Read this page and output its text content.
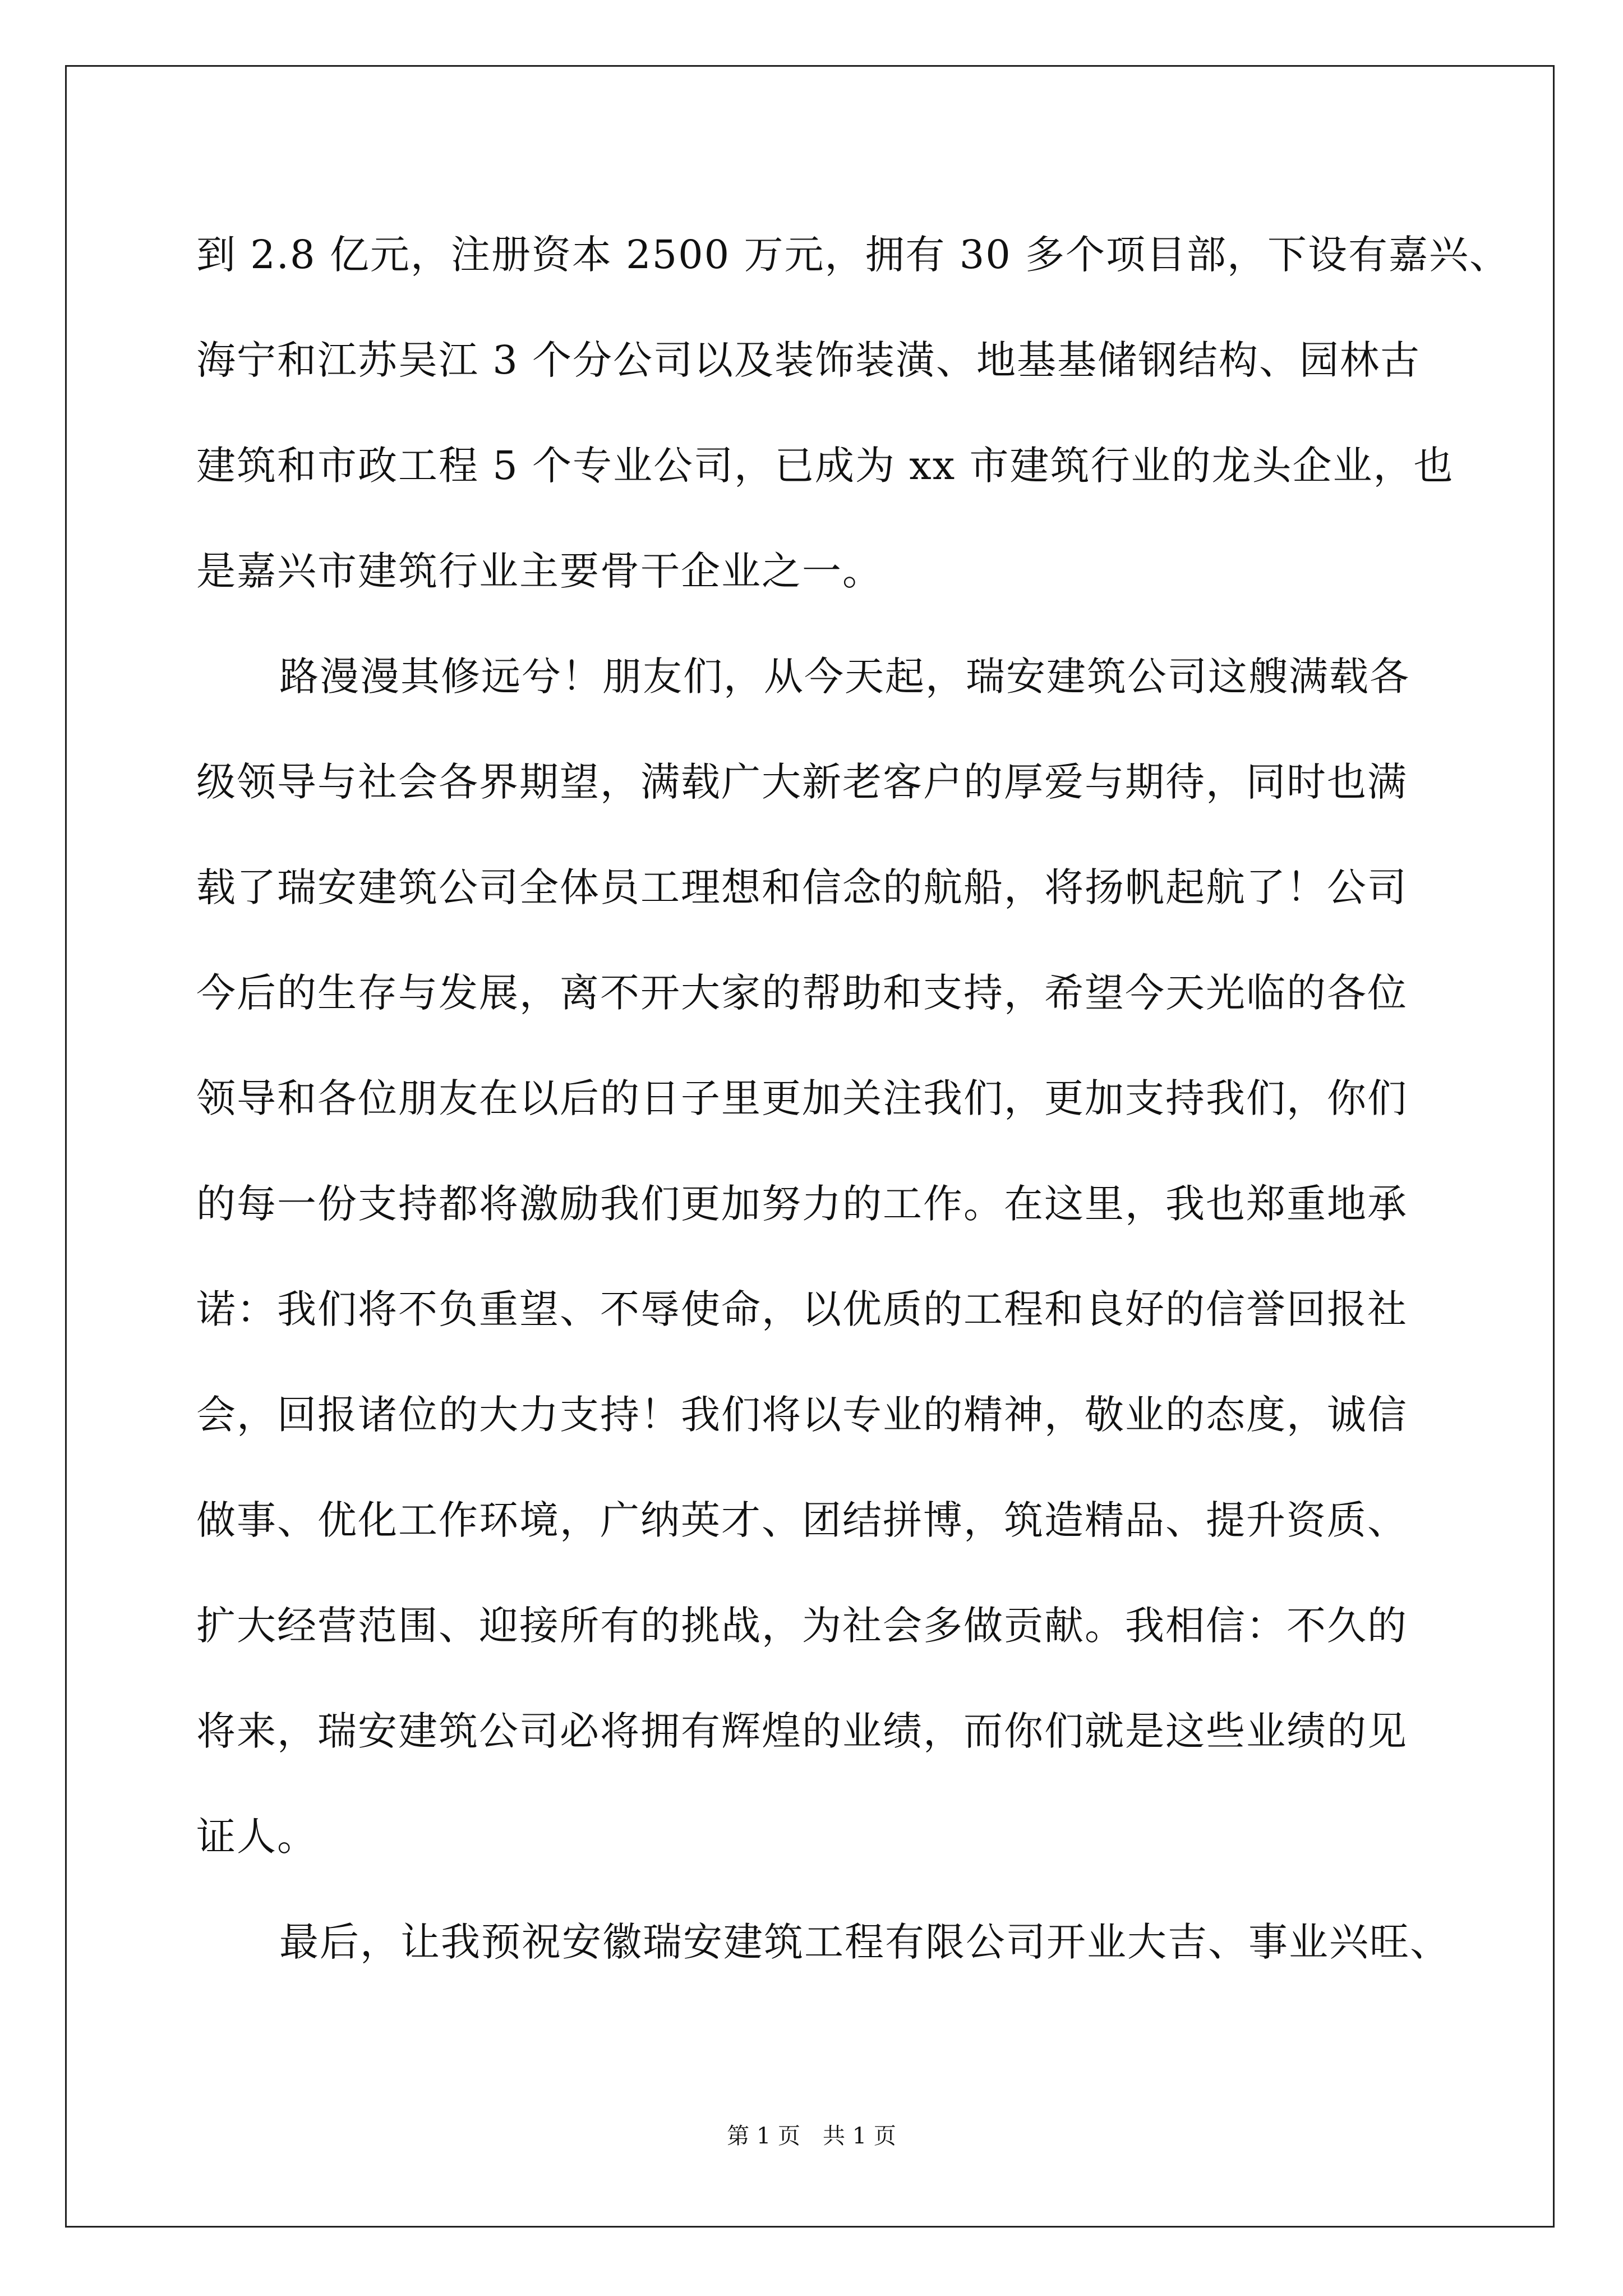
到 2.8 亿元，注册资本 2500 万元，拥有 30 多个项目部，下设有嘉兴、
海宁和江苏吴江 3 个分公司以及装饰装潢、地基基储钢结构、园林古
建筑和市政工程 5 个专业公司，已成为 xx 市建筑行业的龙头企业，也
是嘉兴市建筑行业主要骨干企业之一。
路漫漫其修远兮！朋友们，从今天起，瑞安建筑公司这艘满载各
级领导与社会各界期望，满载广大新老客户的厚爱与期待，同时也满
载了瑞安建筑公司全体员工理想和信念的航船，将扬帆起航了！公司
今后的生存与发展，离不开大家的帮助和支持，希望今天光临的各位
领导和各位朋友在以后的日子里更加关注我们，更加支持我们，你们
的每一份支持都将激励我们更加努力的工作。在这里，我也郑重地承
诺：我们将不负重望、不辱使命，以优质的工程和良好的信誉回报社
会，回报诸位的大力支持！我们将以专业的精神，敬业的态度，诚信
做事、优化工作环境，广纳英才、团结拼博，筑造精品、提升资质、
扩大经营范围、迎接所有的挑战，为社会多做贡献。我相信：不久的
将来，瑞安建筑公司必将拥有辉煌的业绩，而你们就是这些业绩的见
证人。
最后，让我预祝安徽瑞安建筑工程有限公司开业大吉、事业兴旺、
第 1 页　共 1 页
